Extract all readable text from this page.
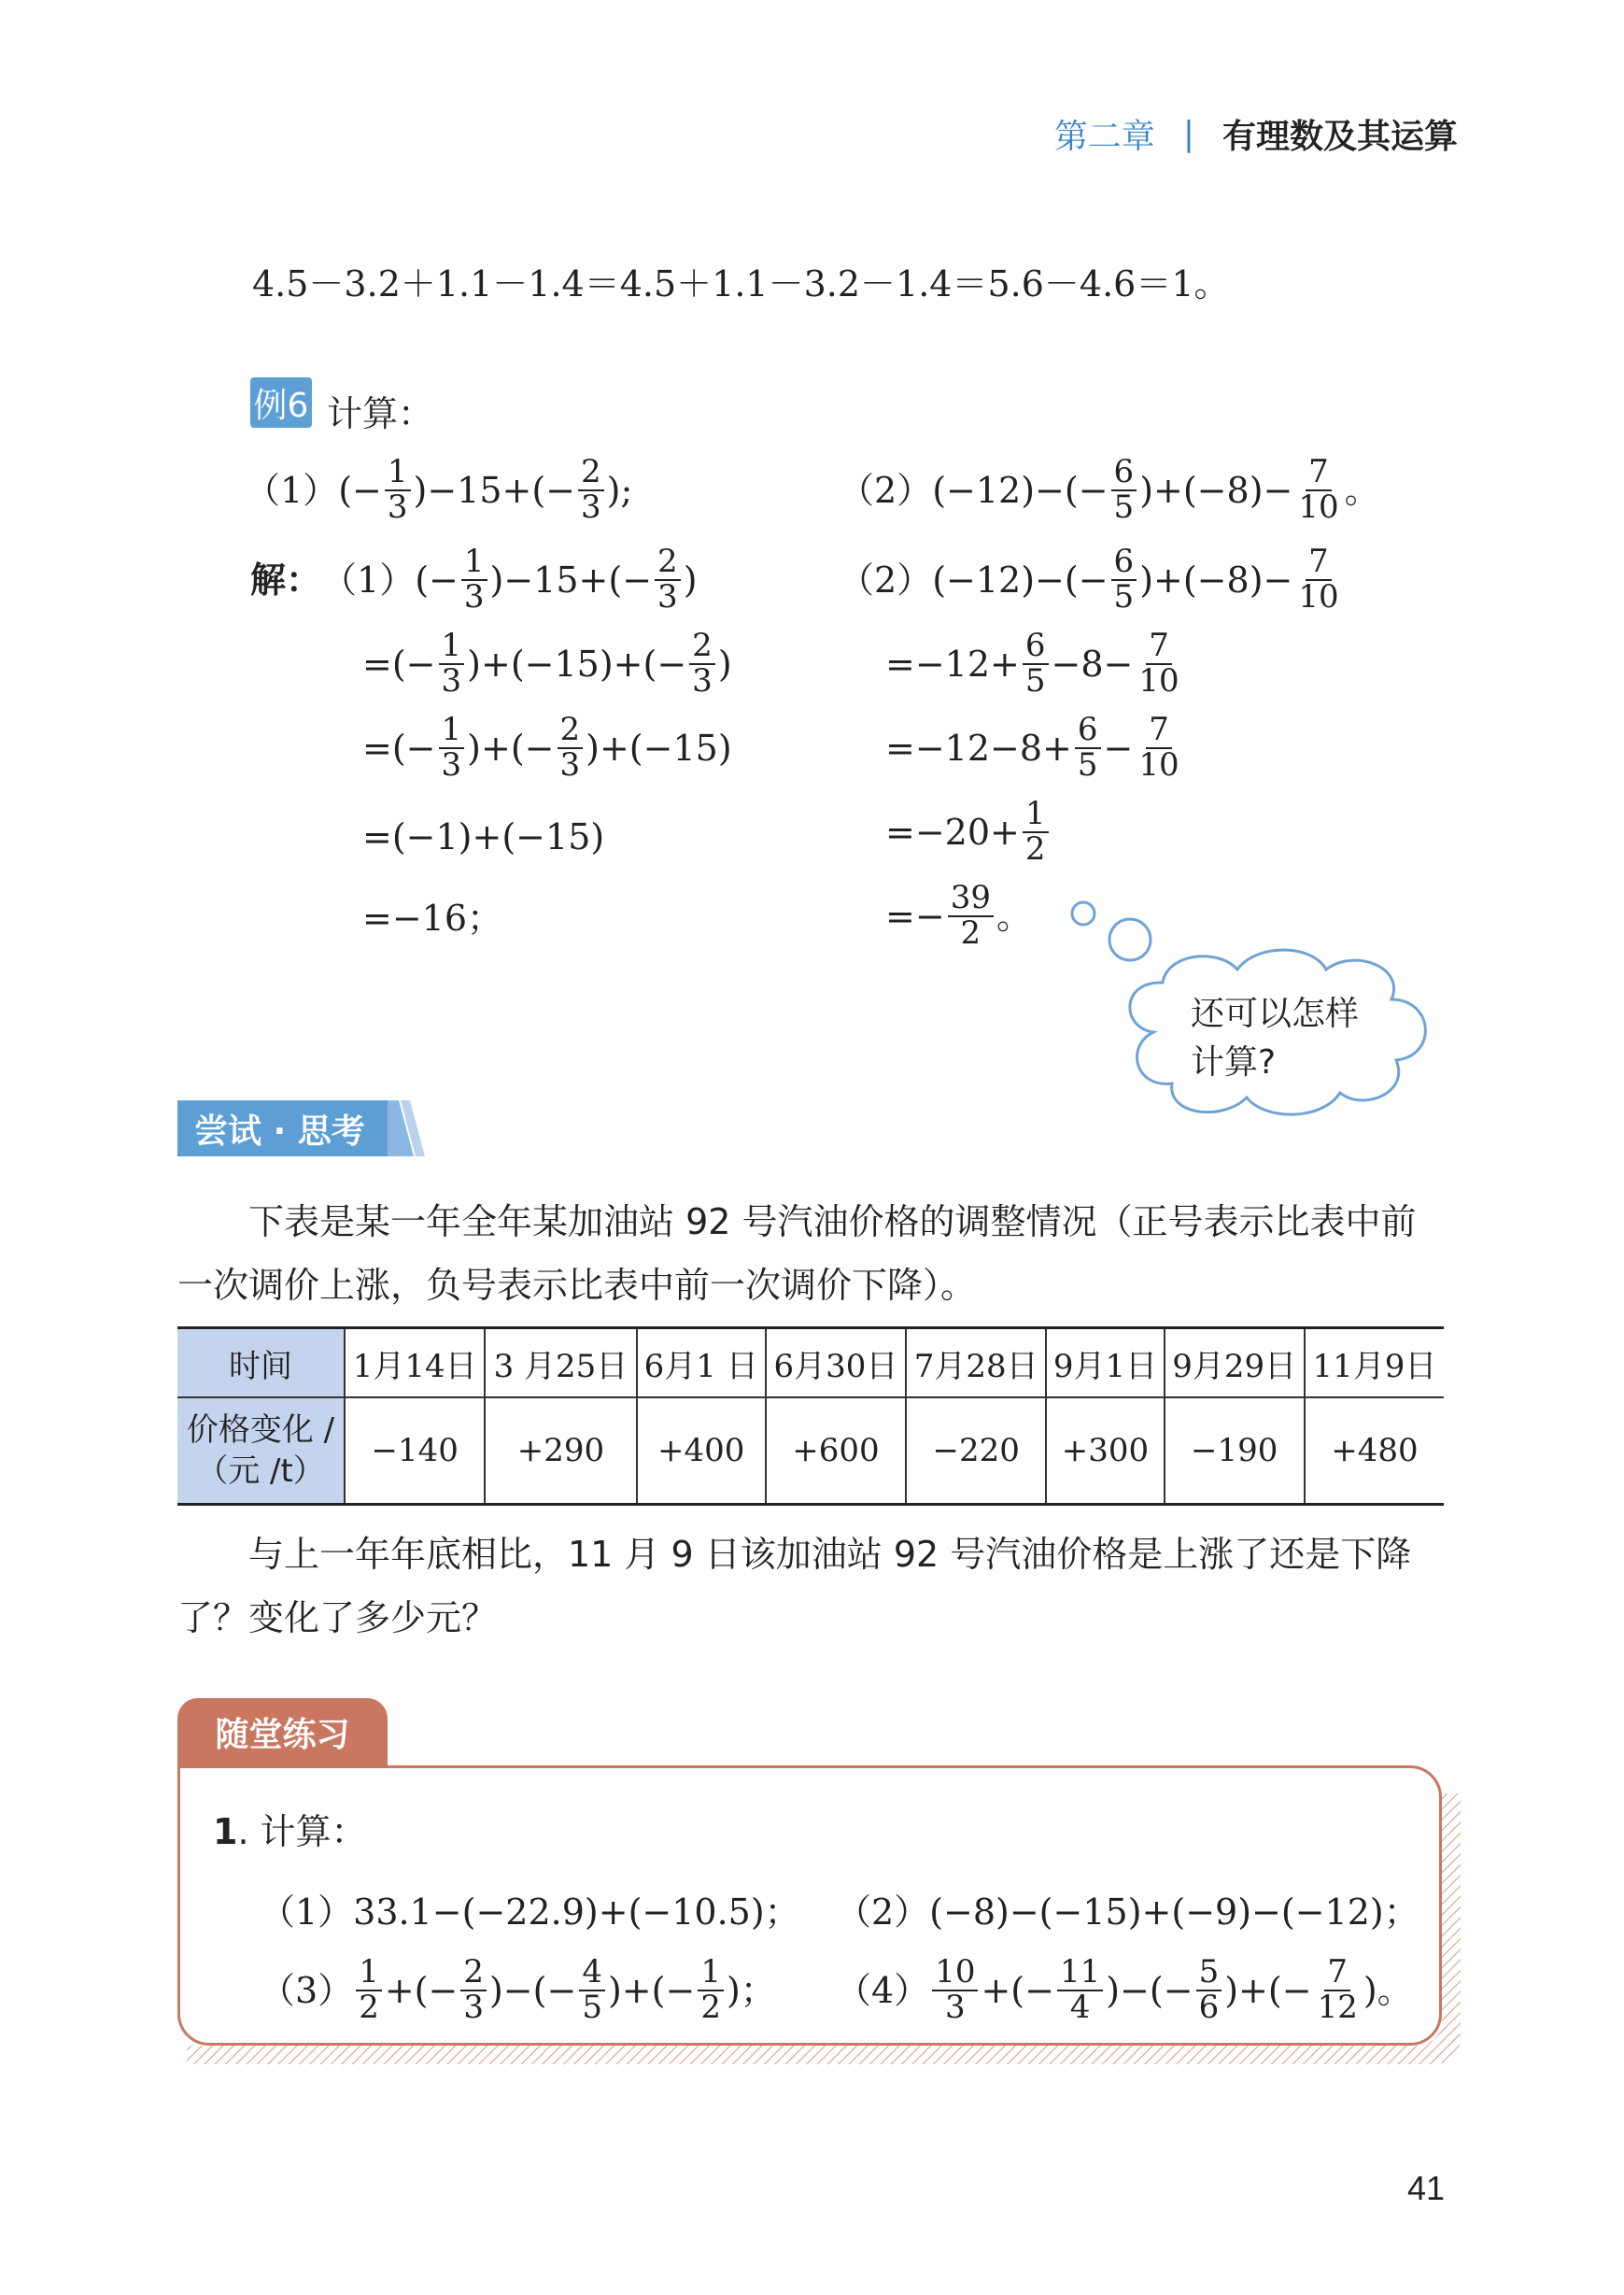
第二章 | 有理数及其运算
4.5－3.2＋1.1－1.4＝4.5＋1.1－3.2－1.4＝5.6－4.6＝1。
例6 计算：
（1） (− $\frac{1}{3} )-15+(- \frac{2}{3}$ );	（2） $(-12)-(- \frac{6}{5} )+(-8)- \frac{7}{10}$ 。
解： （1） (− $\frac{1}{3} )-15+(- \frac{2}{3}$ )
=(− $\frac{1}{3} )+(-15)+(- \frac{2}{3}$ )
=(− $\frac{1}{3}$ )+(− $\frac{2}{3} )+(-15)$
=(−1)+(−15)
=−16；
（2） $(-12)-(- \frac{6}{5} )+(-8)- \frac{7}{10}$
$=-12+ \frac{6}{5} -8- \frac{7}{10}$
$=-12-8+ \frac{6}{5} - \frac{7}{10}$
$=-20+ \frac{1}{2}$
=− $\frac{39}{2}$ 。
还可以怎样
计算?
尝试 · 思考
下表是某一年全年某加油站 92 号汽油价格的调整情况（正号表示比表中前一次调价上涨，负号表示比表中前一次调价下降）。
时间	1月14日	3 月25日	6月1 日	6月30日	7月28日	9月1日	9月29日	11月9日

价格变化 /
（元 /t）	−140	+290	+400	+600	−220	+300	−190	+480
与上一年年底相比，11 月 9 日该加油站 92 号汽油价格是上涨了还是下降了？变化了多少元？
随堂练习
1 . 计算：
（1）33.1−(−22.9)+(−10.5)； （2）(−8)−(−15)+(−9)−(−12)；
$(3) \frac{1}{2}$ +(− $\frac{2}{3}$ )−(− $\frac{4}{5}$ )+(− $\frac{1}{2}$ )； $(4) \frac{10}{3}$ +(− $\frac{11}{4}$ )−(− $\frac{5}{6}$ )+(− $\frac{7}{12}$ )。
41
